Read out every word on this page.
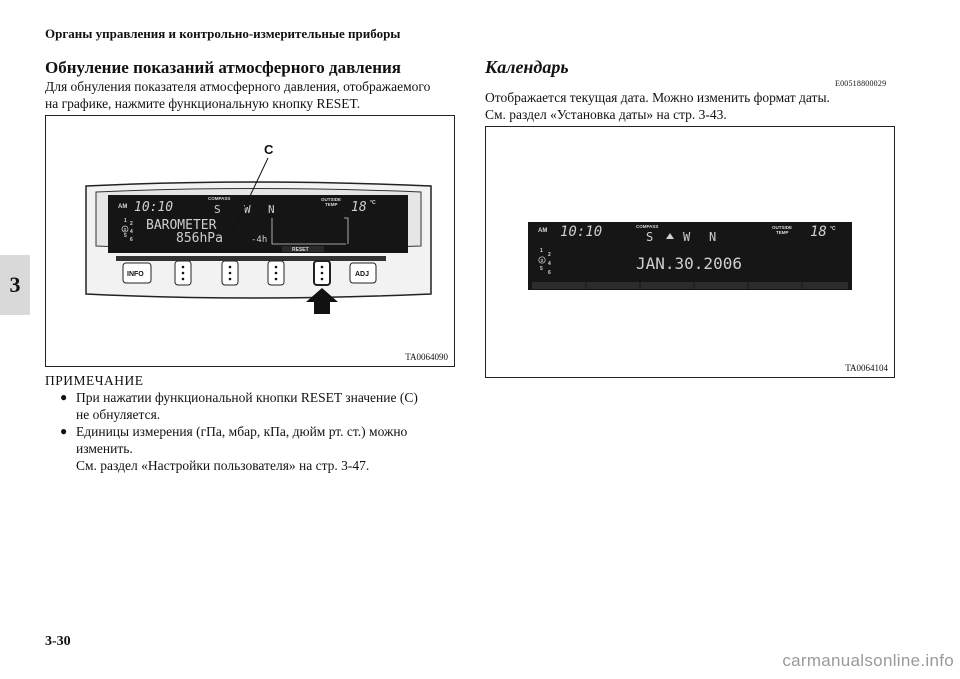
Органы управления и контрольно-измерительные приборы
3
Обнуление показаний атмосферного давления
Для обнуления показателя атмосферного давления, отображаемого
на графике, нажмите функциональную кнопку RESET.
AM 10:10
COMPASS
S W N
OUTSIDE
TEMP 18 °C
1 2
3 4
5
6
BAROMETER
856hPa	-4h
RESET
C
INFO	ADJ
TA0064090
ПРИМЕЧАНИЕ
● При нажатии функциональной кнопки RESET значение (C)
не обнуляется.
● Единицы измерения (гПа, мбар, кПа, дюйм рт. ст.) можно
изменить.
См. раздел «Настройки пользователя» на стр. 3-47.
Календарь
E00518800029
Отображается текущая дата. Можно изменить формат даты.
См. раздел «Установка даты» на стр. 3-43.
AM 10:10	COMPASS
S W N
OUTSIDE
TEMP 18 °C
1
2
3
4
5
6	JAN.30.2006
TA0064104
3-30
carmanualsonline.info
